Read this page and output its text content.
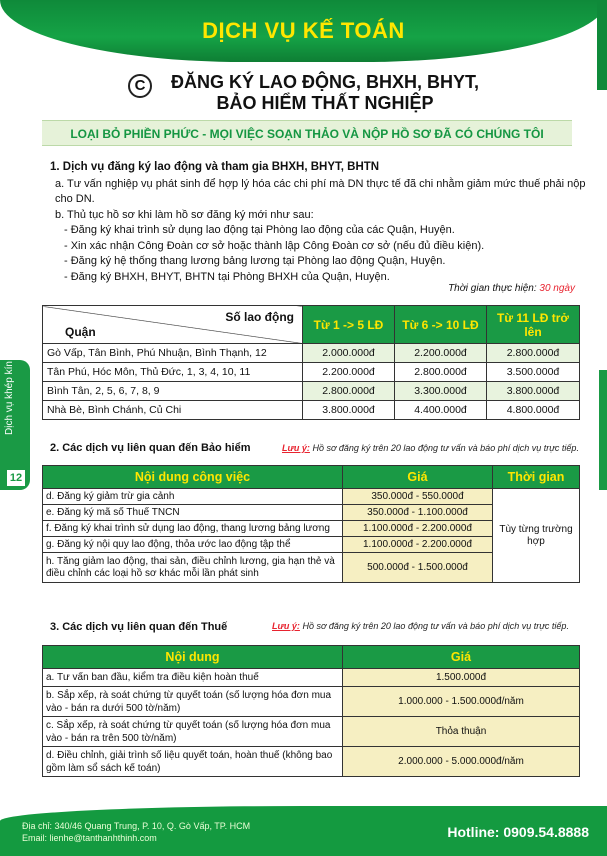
DỊCH VỤ KẾ TOÁN
C	ĐĂNG KÝ LAO ĐỘNG, BHXH, BHYT,
BẢO HIỂM THẤT NGHIỆP
LOẠI BỎ PHIỀN PHỨC - MỌI VIỆC SOẠN THẢO VÀ NỘP HỒ SƠ ĐÃ CÓ CHÚNG TÔI
Dịch vụ khép kín
12
1. Dịch vụ đăng ký lao động và tham gia BHXH, BHYT, BHTN
a. Tư vấn nghiệp vụ phát sinh để hợp lý hóa các chi phí mà DN thực tế đã chi nhằm giảm mức thuế phải nộp cho DN.
b. Thủ tục hồ sơ khi làm hồ sơ đăng ký mới như sau:
- Đăng ký khai trình sử dụng lao động tại Phòng lao động của các Quận, Huyện.
- Xin xác nhận Công Đoàn cơ sở hoặc thành lập Công Đoàn cơ sở (nếu đủ điều kiện).
- Đăng ký hệ thống thang lương bảng lương tại Phòng lao động Quận, Huyện.
- Đăng ký BHXH, BHYT, BHTN tại Phòng BHXH của Quận, Huyện.
Thời gian thực hiện: 30 ngày
Số lao động
Quận	Từ 1 -> 5 LĐ	Từ 6 -> 10 LĐ	Từ 11 LĐ trở lên
Gò Vấp, Tân Bình, Phú Nhuận, Bình Thạnh, 12	2.000.000đ	2.200.000đ	2.800.000đ
Tân Phú, Hóc Môn, Thủ Đức, 1, 3, 4, 10, 11	2.200.000đ	2.800.000đ	3.500.000đ
Bình Tân, 2, 5, 6, 7, 8, 9	2.800.000đ	3.300.000đ	3.800.000đ
Nhà Bè, Bình Chánh, Củ Chi	3.800.000đ	4.400.000đ	4.800.000đ
2. Các dịch vụ liên quan đến Bảo hiểm	Lưu ý: Hồ sơ đăng ký trên 20 lao động tư vấn và báo phí dịch vụ trực tiếp.
Nội dung công việc	Giá	Thời gian
d. Đăng ký giảm trừ gia cảnh	350.000đ - 550.000đ	Tùy từng trường hợp
e. Đăng ký mã số Thuế TNCN	350.000đ - 1.100.000đ	
f. Đăng ký khai trình sử dụng lao động, thang lương bảng lương	1.100.000đ - 2.200.000đ	
g. Đăng ký nội quy lao động, thỏa ước lao động tập thể	1.100.000đ - 2.200.000đ	
h. Tăng giảm lao động, thai sản, điều chỉnh lương, gia hạn thẻ và điều chỉnh các loại hồ sơ khác mỗi lần phát sinh	500.000đ - 1.500.000đ	
3. Các dịch vụ liên quan đến Thuế	Lưu ý: Hồ sơ đăng ký trên 20 lao động tư vấn và báo phí dịch vụ trực tiếp.
Nội dung	Giá
a. Tư vấn ban đầu, kiểm tra điều kiện hoàn thuế	1.500.000đ
b. Sắp xếp, rà soát chứng từ quyết toán (số lượng hóa đơn mua vào - bán ra dưới 500 tờ/năm)	1.000.000 - 1.500.000đ/năm
c. Sắp xếp, rà soát chứng từ quyết toán (số lượng hóa đơn mua vào - bán ra trên 500 tờ/năm)	Thỏa thuận
d. Điều chỉnh, giải trình số liệu quyết toán, hoàn thuế (không bao gồm làm sổ sách kế toán)	2.000.000 - 5.000.000đ/năm
Địa chỉ: 340/46 Quang Trung, P. 10, Q. Gò Vấp, TP. HCM
Email: lienhe@tanthanhthinh.com	Hotline: 0909.54.8888
